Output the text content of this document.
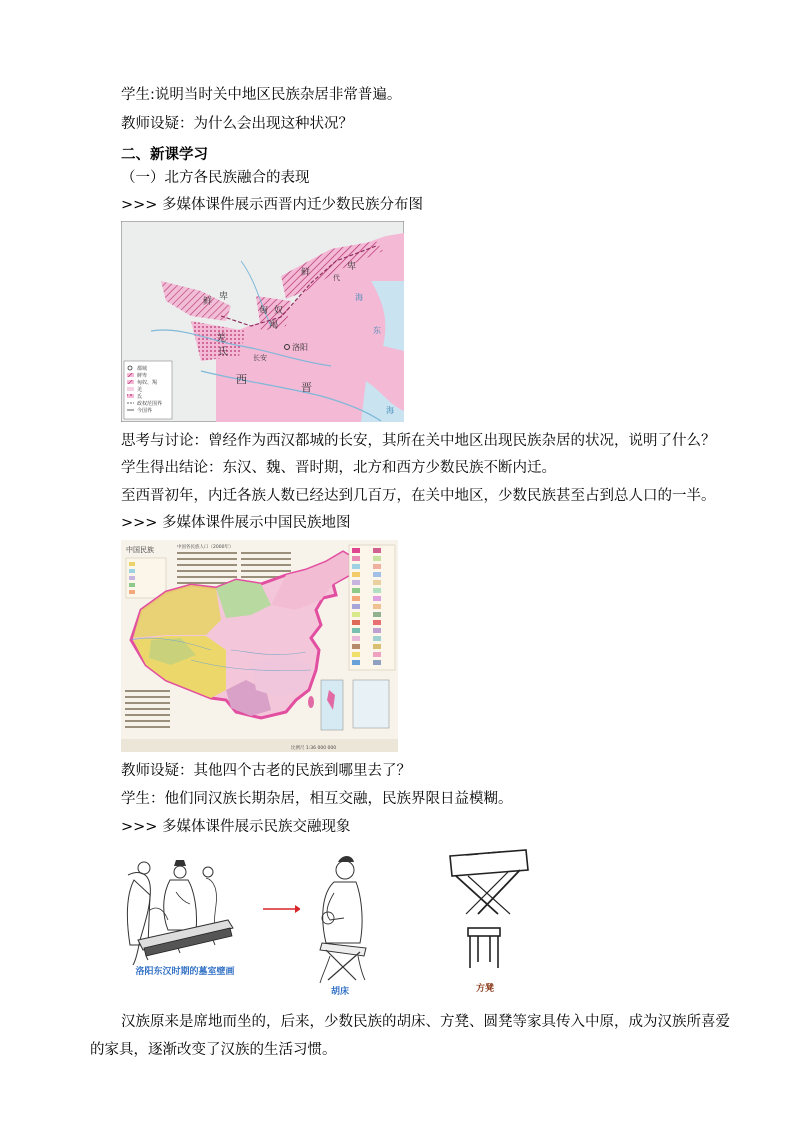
学生:说明当时关中地区民族杂居非常普遍。
教师设疑：为什么会出现这种状况？
二、新课学习
（一）北方各民族融合的表现
>>> 多媒体课件展示西晋内迁少数民族分布图
鲜
卑
鲜 卑
匈 奴
羯
羌
氐
代
洛阳
长安
西
晋
海
东
海
都城
鲜卑
匈奴、羯
羌
氐
政权范围界
今国界
思考与讨论：曾经作为西汉都城的长安，其所在关中地区出现民族杂居的状况，说明了什么？
学生得出结论：东汉、魏、晋时期，北方和西方少数民族不断内迁。
至西晋初年，内迁各族人数已经达到几百万，在关中地区，少数民族甚至占到总人口的一半。
>>> 多媒体课件展示中国民族地图
中国民族	中国各民族人口（2000年）
比例尺 1:36 000 000
教师设疑：其他四个古老的民族到哪里去了？
学生：他们同汉族长期杂居，相互交融，民族界限日益模糊。
>>> 多媒体课件展示民族交融现象
洛阳东汉时期的墓室壁画
胡床	方凳
汉族原来是席地而坐的，后来，少数民族的胡床、方凳、圆凳等家具传入中原，成为汉族所喜爱
的家具，逐渐改变了汉族的生活习惯。
